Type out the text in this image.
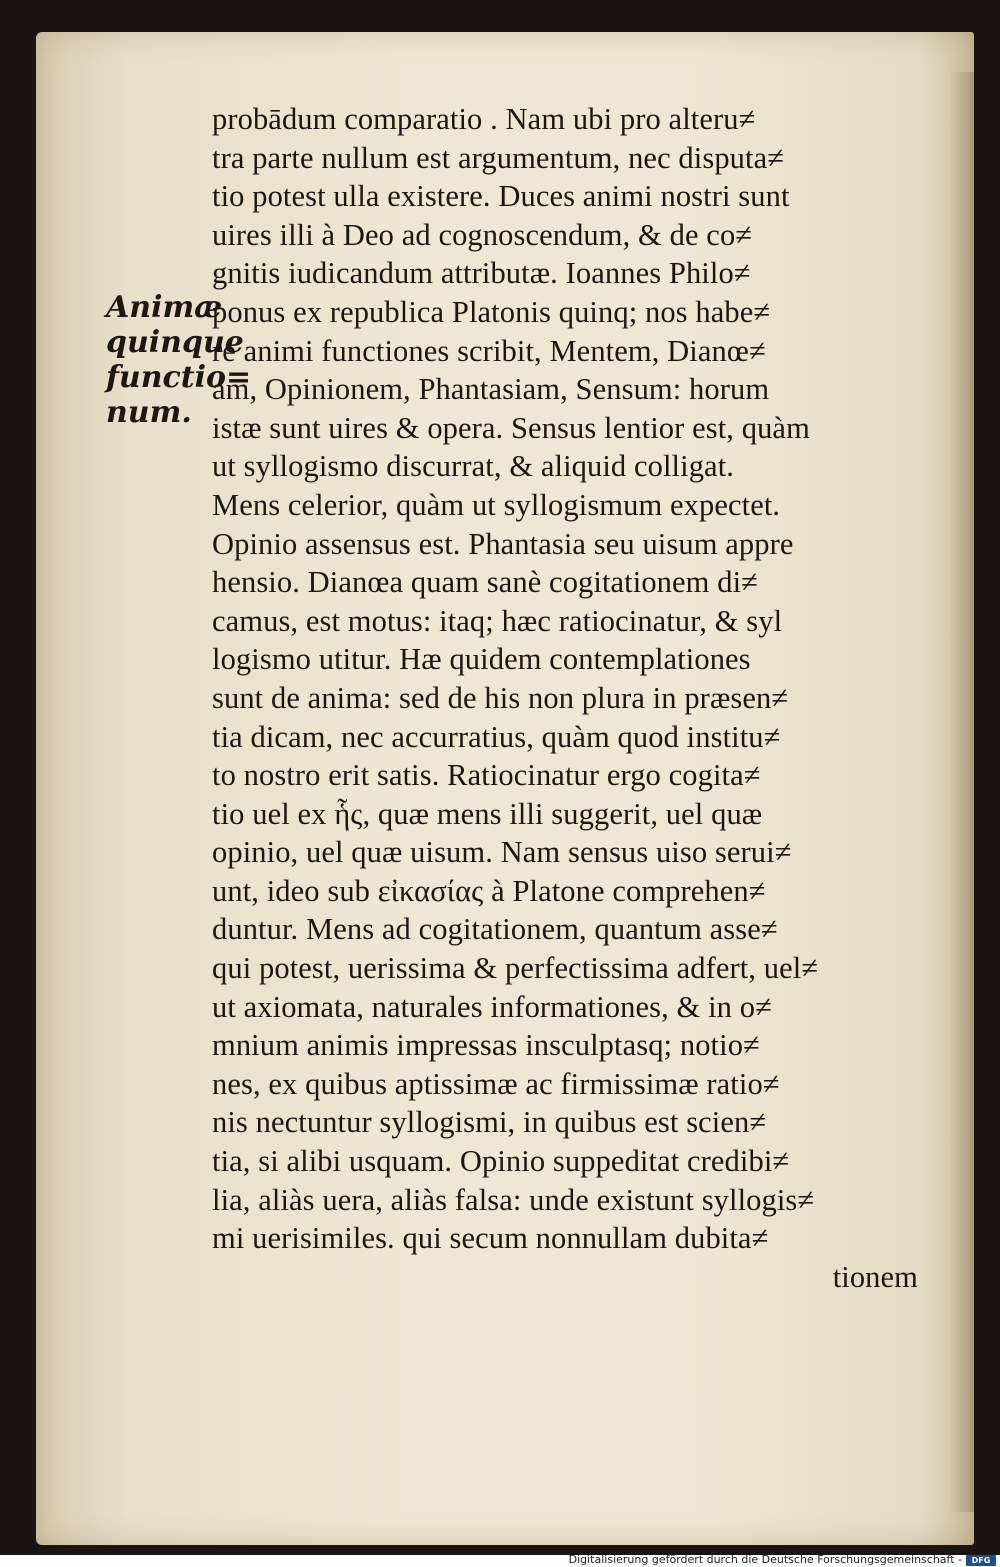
Animæ
quinque
functio=
num.
probādum comparatio . Nam ubi pro alteru≠
tra parte nullum est argumentum, nec disputa≠
tio potest ulla existere. Duces animi nostri sunt
uires illi à Deo ad cognoscendum, & de co≠
gnitis iudicandum attributæ. Ioannes Philo≠
ponus ex republica Platonis quinq; nos habe≠
re animi functiones scribit, Mentem, Dianœ≠
am, Opinionem, Phantasiam, Sensum: horum
istæ sunt uires & opera. Sensus lentior est, quàm
ut syllogismo discurrat, & aliquid colligat.
Mens celerior, quàm ut syllogismum expectet.
Opinio assensus est. Phantasia seu uisum appre
hensio. Dianœa quam sanè cogitationem di≠
camus, est motus: itaq; hæc ratiocinatur, & syl
logismo utitur. Hæ quidem contemplationes
sunt de anima: sed de his non plura in præsen≠
tia dicam, nec accurratius, quàm quod institu≠
to nostro erit satis. Ratiocinatur ergo cogita≠
tio uel ex ἧς, quæ mens illi suggerit, uel quæ
opinio, uel quæ uisum. Nam sensus uiso serui≠
unt, ideo sub εἰκασίας à Platone comprehen≠
duntur. Mens ad cogitationem, quantum asse≠
qui potest, uerissima & perfectissima adfert, uel≠
ut axiomata, naturales informationes, & in o≠
mnium animis impressas insculptasq; notio≠
nes, ex quibus aptissimæ ac firmissimæ ratio≠
nis nectuntur syllogismi, in quibus est scien≠
tia, si alibi usquam. Opinio suppeditat credibi≠
lia, aliàs uera, aliàs falsa: unde existunt syllogis≠
mi uerisimiles. qui secum nonnullam dubita≠
tionem
Digitalisierung gefördert durch die Deutsche Forschungsgemeinschaft -	DFG
